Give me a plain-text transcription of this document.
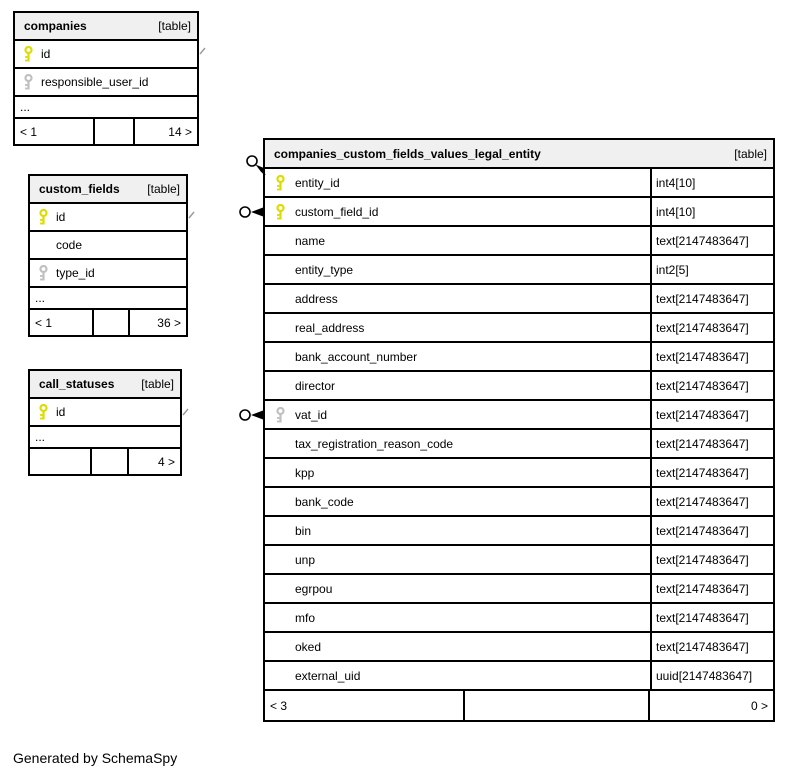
companies	[table]
id
responsible_user_id
...
< 1	14 >
custom_fields [table]
id
code
type_id
...
< 1	36 >
call_statuses [table]
id
...
4 >
companies_custom_fields_values_legal_entity	[table]
entity_id	int4[10]
custom_field_id	int4[10]
name	text[2147483647]
entity_type	int2[5]
address	text[2147483647]
real_address	text[2147483647]
bank_account_number	text[2147483647]
director	text[2147483647]
vat_id	text[2147483647]
tax_registration_reason_code	text[2147483647]
kpp	text[2147483647]
bank_code	text[2147483647]
bin	text[2147483647]
unp	text[2147483647]
egrpou	text[2147483647]
mfo	text[2147483647]
oked	text[2147483647]
external_uid	uuid[2147483647]
< 3	0 >
Generated by SchemaSpy
